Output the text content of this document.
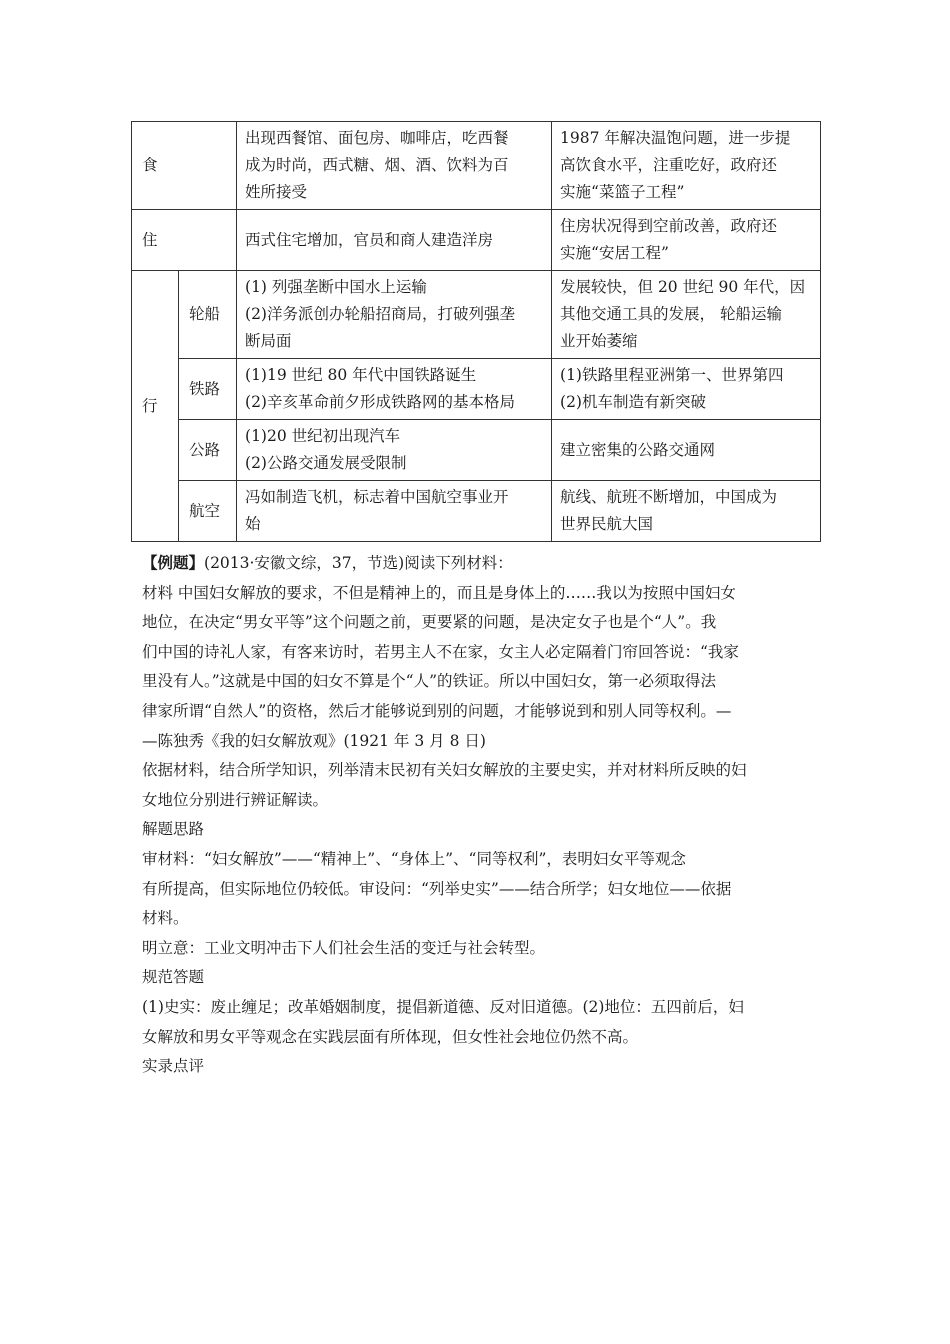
食		出现西餐馆、面包房、咖啡店，吃西餐
成为时尚，西式糖、烟、酒、饮料为百
姓所接受	1987 年解决温饱问题，进一步提
高饮食水平，注重吃好，政府还
实施“菜篮子工程”

住		西式住宅增加，官员和商人建造洋房	住房状况得到空前改善，政府还
实施“安居工程”

行	轮船	(1) 列强垄断中国水上运输
(2)洋务派创办轮船招商局，打破列强垄
断局面	发展较快，但 20 世纪 90 年代，因
其他交通工具的发展， 轮船运输
业开始萎缩

	铁路	(1)19 世纪 80 年代中国铁路诞生
(2)辛亥革命前夕形成铁路网的基本格局	(1)铁路里程亚洲第一、世界第四
(2)机车制造有新突破

	公路	(1)20 世纪初出现汽车
(2)公路交通发展受限制	建立密集的公路交通网

	航空	冯如制造飞机，标志着中国航空事业开
始	航线、航班不断增加，中国成为
世界民航大国

【例题】(2013·安徽文综，37，节选)阅读下列材料：

材料 中国妇女解放的要求，不但是精神上的，而且是身体上的……我以为按照中国妇女

地位，在决定“男女平等”这个问题之前，更要紧的问题，是决定女子也是个“人”。我

们中国的诗礼人家，有客来访时，若男主人不在家，女主人必定隔着门帘回答说：“我家

里没有人。”这就是中国的妇女不算是个“人”的铁证。所以中国妇女，第一必须取得法

律家所谓“自然人”的资格，然后才能够说到别的问题，才能够说到和别人同等权利。—

—陈独秀《我的妇女解放观》(1921 年 3 月 8 日)

依据材料，结合所学知识，列举清末民初有关妇女解放的主要史实，并对材料所反映的妇

女地位分别进行辨证解读。

解题思路

审材料：“妇女解放”——“精神上”、“身体上”、“同等权利”，表明妇女平等观念

有所提高，但实际地位仍较低。审设问：“列举史实”——结合所学；妇女地位——依据

材料。

明立意：工业文明冲击下人们社会生活的变迁与社会转型。

规范答题

(1)史实：废止缠足；改革婚姻制度，提倡新道德、反对旧道德。(2)地位：五四前后，妇

女解放和男女平等观念在实践层面有所体现，但女性社会地位仍然不高。

实录点评
